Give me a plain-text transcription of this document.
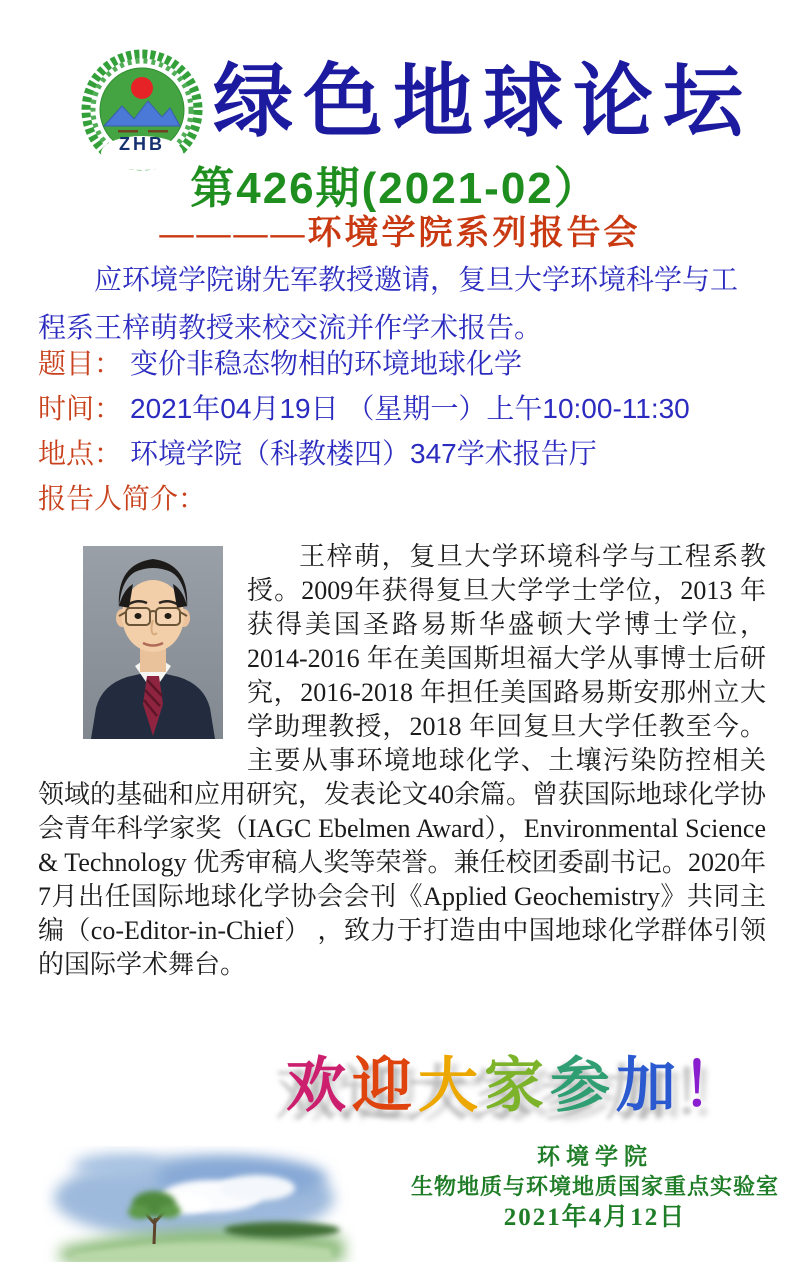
ZHB 绿色地球论坛
第426期(2021-02）
————环境学院系列报告会

应环境学院谢先军教授邀请，复旦大学环境科学与工程系王梓萌教授来校交流并作学术报告。

题目： 变价非稳态物相的环境地球化学
时间： 2021年04月19日 （星期一）上午10:00-11:30
地点： 环境学院（科教楼四）347学术报告厅
报告人简介：

王梓萌，复旦大学环境科学与工程系教授。2009年获得复旦大学学士学位，2013 年获得美国圣路易斯华盛顿大学博士学位，2014-2016 年在美国斯坦福大学从事博士后研究，2016-2018 年担任美国路易斯安那州立大学助理教授，2018 年回复旦大学任教至今。主要从事环境地球化学、土壤污染防控相关领域的基础和应用研究，发表论文40余篇。曾获国际地球化学协会青年科学家奖（IAGC Ebelmen Award），Environmental Science & Technology 优秀审稿人奖等荣誉。兼任校团委副书记。2020年7月出任国际地球化学协会会刊《Applied Geochemistry》共同主编（co-Editor-in-Chief） ，致力于打造由中国地球化学群体引领的国际学术舞台。

欢 迎 大 家 参 加 ！
环境学院
生物地质与环境地质国家重点实验室
2021年4月12日
